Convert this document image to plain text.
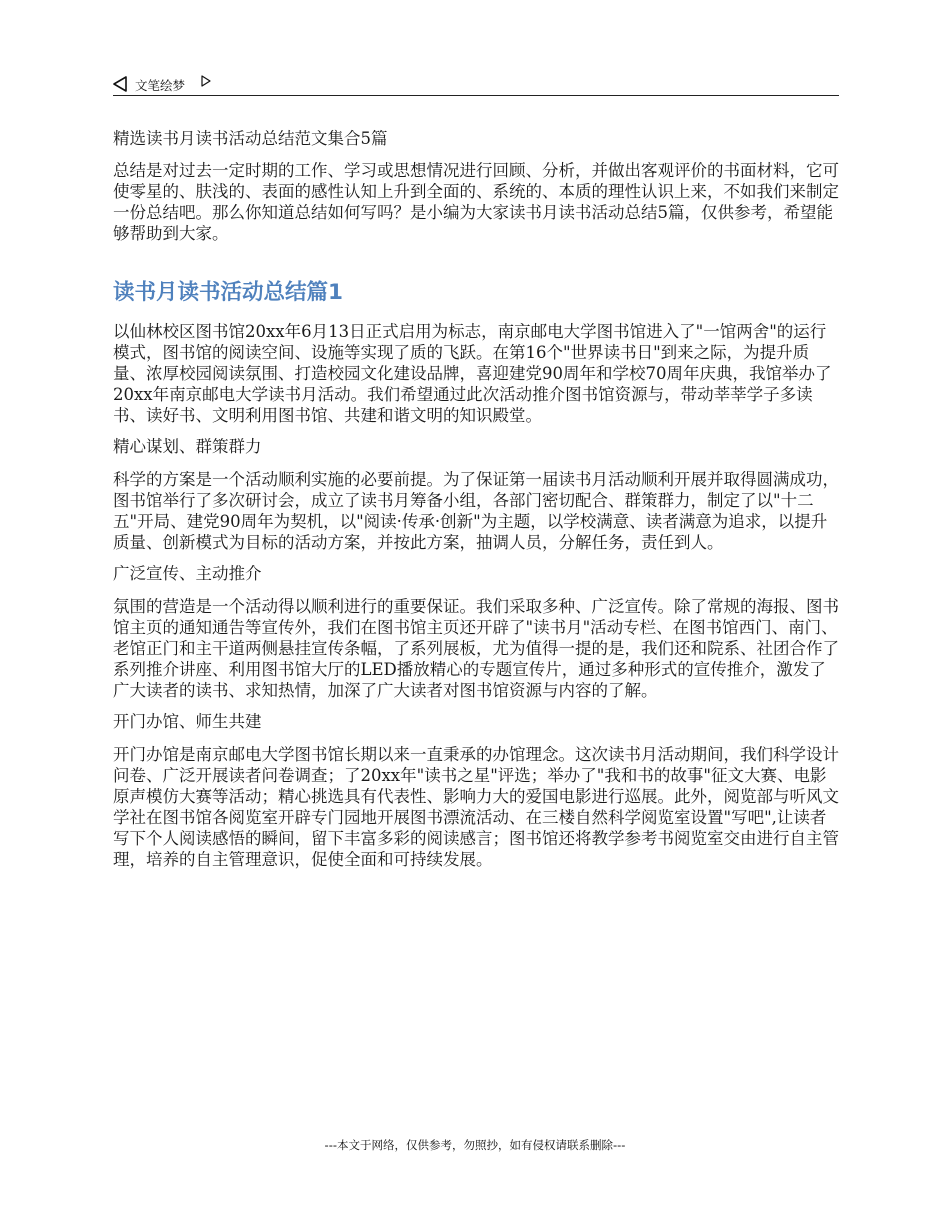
文笔绘梦
精选读书月读书活动总结范文集合5篇

总结是对过去一定时期的工作、学习或思想情况进行回顾、分析，并做出客观评价的书面材料，它可使零星的、肤浅的、表面的感性认知上升到全面的、系统的、本质的理性认识上来，不如我们来制定一份总结吧。那么你知道总结如何写吗？是小编为大家读书月读书活动总结5篇，仅供参考，希望能够帮助到大家。

读书月读书活动总结篇1

以仙林校区图书馆20xx年6月13日正式启用为标志，南京邮电大学图书馆进入了"一馆两舍"的运行模式，图书馆的阅读空间、设施等实现了质的飞跃。在第16个"世界读书日"到来之际，为提升质量、浓厚校园阅读氛围、打造校园文化建设品牌，喜迎建党90周年和学校70周年庆典，我馆举办了20xx年南京邮电大学读书月活动。我们希望通过此次活动推介图书馆资源与，带动莘莘学子多读书、读好书、文明利用图书馆、共建和谐文明的知识殿堂。

精心谋划、群策群力

科学的方案是一个活动顺利实施的必要前提。为了保证第一届读书月活动顺利开展并取得圆满成功，图书馆举行了多次研讨会，成立了读书月筹备小组，各部门密切配合、群策群力，制定了以"十二五"开局、建党90周年为契机，以"阅读·传承·创新"为主题，以学校满意、读者满意为追求，以提升质量、创新模式为目标的活动方案，并按此方案，抽调人员，分解任务，责任到人。

广泛宣传、主动推介

氛围的营造是一个活动得以顺利进行的重要保证。我们采取多种、广泛宣传。除了常规的海报、图书馆主页的通知通告等宣传外，我们在图书馆主页还开辟了"读书月"活动专栏、在图书馆西门、南门、老馆正门和主干道两侧悬挂宣传条幅，了系列展板，尤为值得一提的是，我们还和院系、社团合作了系列推介讲座、利用图书馆大厅的LED播放精心的专题宣传片，通过多种形式的宣传推介，激发了广大读者的读书、求知热情，加深了广大读者对图书馆资源与内容的了解。

开门办馆、师生共建

开门办馆是南京邮电大学图书馆长期以来一直秉承的办馆理念。这次读书月活动期间，我们科学设计问卷、广泛开展读者问卷调查；了20xx年"读书之星"评选；举办了"我和书的故事"征文大赛、电影原声模仿大赛等活动；精心挑选具有代表性、影响力大的爱国电影进行巡展。此外，阅览部与听风文学社在图书馆各阅览室开辟专门园地开展图书漂流活动、在三楼自然科学阅览室设置"写吧",让读者写下个人阅读感悟的瞬间，留下丰富多彩的阅读感言；图书馆还将教学参考书阅览室交由进行自主管理，培养的自主管理意识，促使全面和可持续发展。

---本文于网络，仅供参考，勿照抄，如有侵权请联系删除---
